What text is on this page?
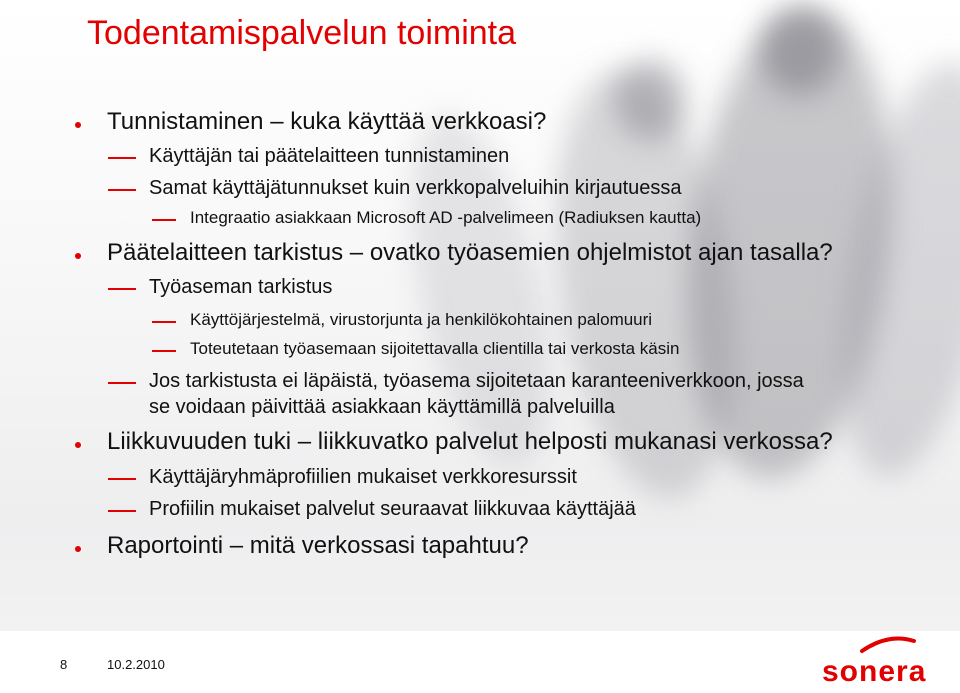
Todentamispalvelun toiminta
Tunnistaminen – kuka käyttää verkkoasi?
Käyttäjän tai päätelaitteen tunnistaminen
Samat käyttäjätunnukset kuin verkkopalveluihin kirjautuessa
Integraatio asiakkaan Microsoft AD -palvelimeen (Radiuksen kautta)
Päätelaitteen tarkistus – ovatko työasemien ohjelmistot ajan tasalla?
Työaseman tarkistus
Käyttöjärjestelmä, virustorjunta ja henkilökohtainen palomuuri
Toteutetaan työasemaan sijoitettavalla clientilla tai verkosta käsin
Jos tarkistusta ei läpäistä, työasema sijoitetaan karanteeniverkkoon, jossa
se voidaan päivittää asiakkaan käyttämillä palveluilla
Liikkuvuuden tuki – liikkuvatko palvelut helposti mukanasi verkossa?
Käyttäjäryhmäprofiilien mukaiset verkkoresurssit
Profiilin mukaiset palvelut seuraavat liikkuvaa käyttäjää
Raportointi – mitä verkossasi tapahtuu?
8	10.2.2010	sonera
